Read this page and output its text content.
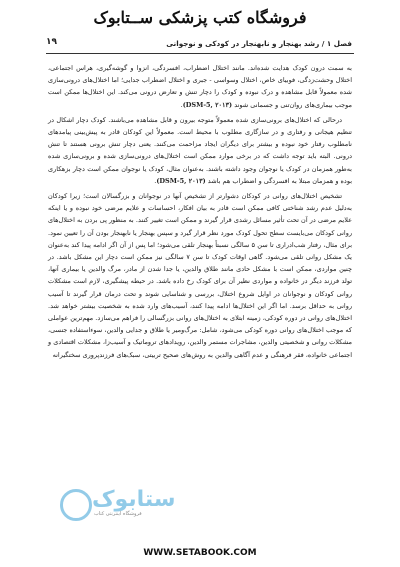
فروشگاه کتب پزشکی ســتابوک
فصل ۱ / رشد بهنجار و نابهنجار در کودکی و نوجوانی
۱۹

به سمت درون کودک هدایت شده‌اند. مانند اختلال اضطراب، افسردگی، انزوا و گوشه‌گیری، هراس اجتماعی، اختلال وحشت‌زدگی، فوبیای خاص، اختلال وسواسی - جبری و اختلال اضطراب جدایی؛ اما اختلال‌های درونی‌سازی شده معمولاً قابل مشاهده و درک نبوده و کودک را دچار تنش و تعارض درونی می‌کند. این اختلال‌ها ممکن است موجب بیماری‌های روان‌تنی و جسمانی شوند (DSM-5, ۲۰۱۳).

درحالی که اختلال‌های برونی‌سازی شده معمولاً متوجه بیرون و قابل مشاهده می‌باشند. کودک دچار اشکال در تنظیم هیجانی و رفتاری و در سازگاری مطلوب با محیط است. معمولاً این کودکان قادر به پیش‌بینی پیامدهای نامطلوب رفتار خود نبوده و بیشتر برای دیگران ایجاد مزاحمت می‌کنند. یعنی دچار تنش برونی هستند تا تنش درونی. البته باید توجه داشت که در برخی موارد ممکن است اختلال‌های درونی‌سازی شده و برونی‌سازی شده به‌طور همزمان در کودک یا نوجوان وجود داشته باشند. به‌عنوان مثال، کودک یا نوجوان ممکن است دچار بزهکاری بوده و همزمان مبتلا به افسردگی و اضطراب هم باشد (DSM-5, ۲۰۱۳).

تشخیص اختلال‌های روانی در کودکان دشوارتر از تشخیص آنها در نوجوانان و بزرگسالان است؛ زیرا کودکان به‌دلیل عدم رشد شناختی کافی ممکن است قادر به بیان افکار، احساسات و علایم مرضی خود نبوده و یا اینکه علایم مرضی در آن تحت تأثیر مسائل رشدی قرار گیرند و ممکن است تغییر کنند. به منظور پی بردن به اختلال‌های روانی کودکان می‌بایست سطح تحول کودک مورد نظر قرار گیرد و سپس بهنجار یا نابهنجار بودن آن را تعیین نمود. برای مثال، رفتار شب‌ادراری تا سن ۵ سالگی نسبتاً بهنجار تلقی می‌شود؛ اما پس از آن اگر ادامه پیدا کند به‌عنوان یک مشکل روانی تلقی می‌شود. گاهی اوقات کودک تا سن ۷ سالگی نیز ممکن است دچار این مشکل باشد. در چنین مواردی، ممکن است با مشکل حادی مانند طلاق والدین، یا جدا شدن از مادر، مرگ والدین یا بیماری آنها، تولد فرزند دیگر در خانواده و مواردی نظیر آن برای کودک رخ داده باشد. در حیطه پیشگیری، لازم است مشکلات روانی کودکان و نوجوانان در اوایل شروع اختلال، بررسی و شناسایی شوند و تحت درمان قرار گیرند تا آسیب روانی به حداقل برسد. اما اگر این اختلال‌ها ادامه پیدا کنند، آسیب‌های وارد شده به شخصیت بیشتر خواهد شد. اختلال‌های روانی در دوره کودکی، زمینه ابتلای به اختلال‌های روانی بزرگسالی را فراهم می‌سازد. مهم‌ترین عواملی که موجب اختلال‌های روانی دوره کودکی می‌شود، شامل: مرگ‌ومیر یا طلاق و جدایی والدین، سوءاستفاده جنسی، مشکلات روانی و شخصیتی والدین، مشاجرات مستمر والدین، رویدادهای تروماتیک و آسیب‌زا، مشکلات اقتصادی و اجتماعی خانواده، فقر فرهنگی و عدم آگاهی والدین به روش‌های صحیح تربیتی، سبک‌های فرزندپروری سختگیرانه

ستابوک
فروشگاه اینترنتی کتاب
WWW.SETABOOK.COM
